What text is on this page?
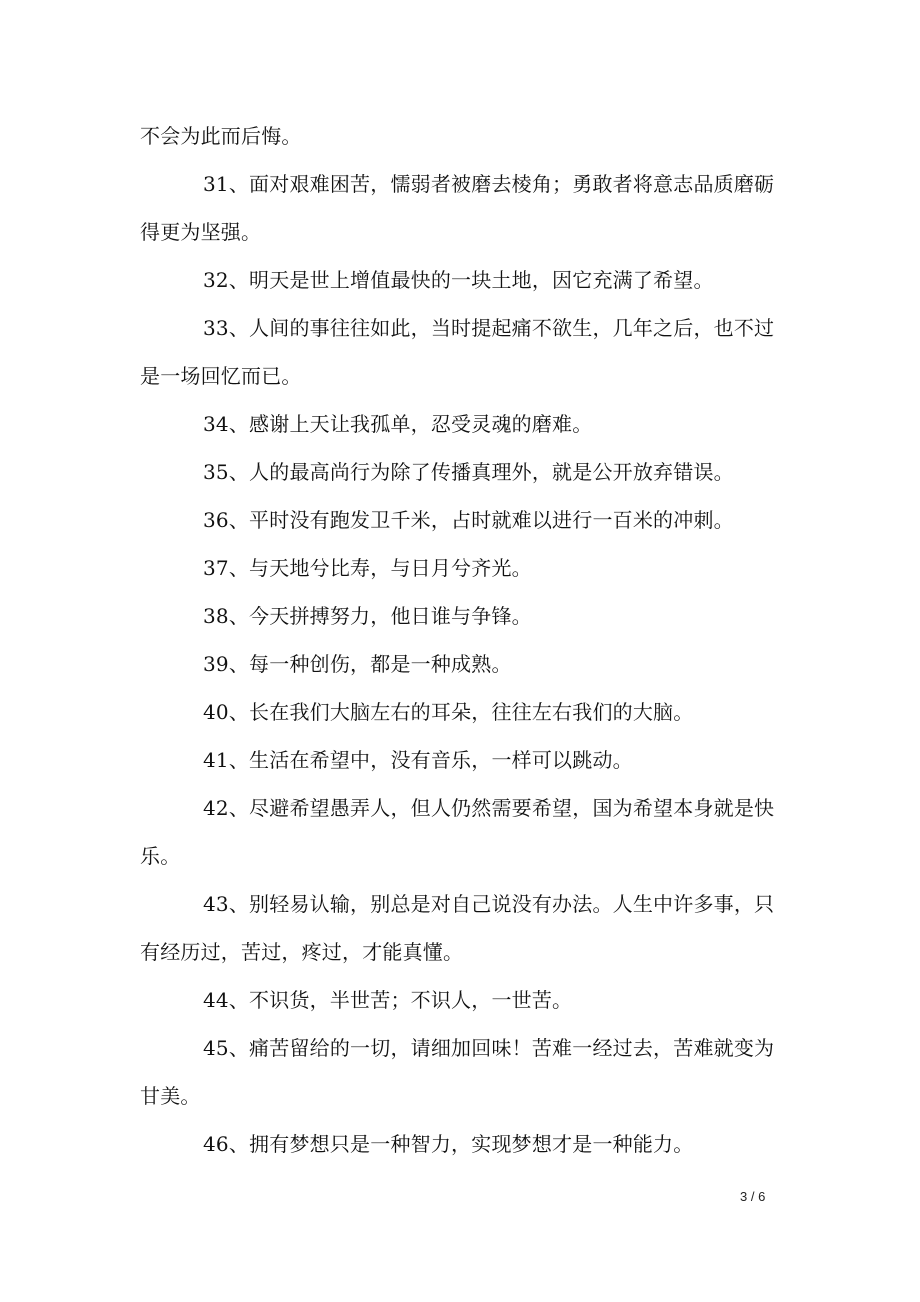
不会为此而后悔。

31、面对艰难困苦，懦弱者被磨去棱角；勇敢者将意志品质磨砺得更为坚强。

32、明天是世上增值最快的一块土地，因它充满了希望。

33、人间的事往往如此，当时提起痛不欲生，几年之后，也不过是一场回忆而已。

34、感谢上天让我孤单，忍受灵魂的磨难。

35、人的最高尚行为除了传播真理外，就是公开放弃错误。

36、平时没有跑发卫千米，占时就难以进行一百米的冲刺。

37、与天地兮比寿，与日月兮齐光。

38、今天拼搏努力，他日谁与争锋。

39、每一种创伤，都是一种成熟。

40、长在我们大脑左右的耳朵，往往左右我们的大脑。

41、生活在希望中，没有音乐，一样可以跳动。

42、尽避希望愚弄人，但人仍然需要希望，国为希望本身就是快乐。

43、别轻易认输，别总是对自己说没有办法。人生中许多事，只有经历过，苦过，疼过，才能真懂。

44、不识货，半世苦；不识人，一世苦。

45、痛苦留给的一切，请细加回味！苦难一经过去，苦难就变为甘美。

46、拥有梦想只是一种智力，实现梦想才是一种能力。

3 / 6
